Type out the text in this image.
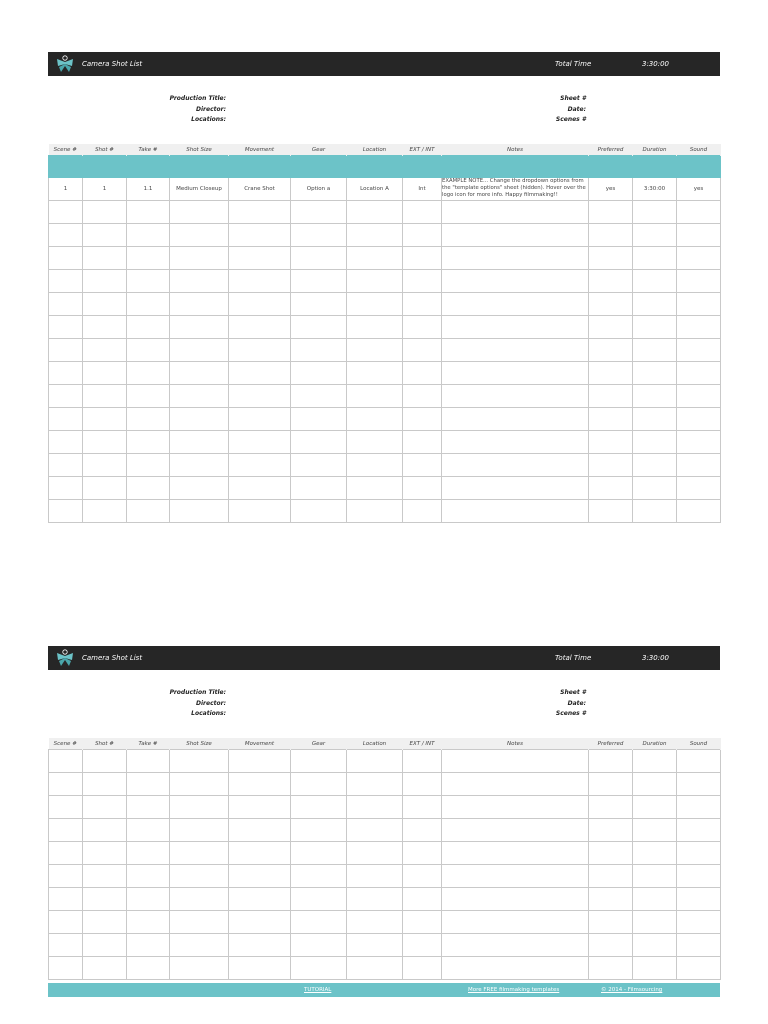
Camera Shot List	Total Time	3:30:00
Production Title:
Director:
Locations:
Sheet #
Date:
Scenes #
Scene #	Shot #	Take #	Shot Size	Movement	Gear	Location	EXT / INT	Notes	Preferred	Duration	Sound

1	1	1.1	Medium Closeup	Crane Shot	Option a	Location A	Int	EXAMPLE NOTE... Change the dropdown options from the "template options" sheet (hidden). Hover over the logo icon for more info. Happy filmmaking!!	yes	3:30:00	yes

Camera Shot List	Total Time	3:30:00
Production Title:
Director:
Locations:
Sheet #
Date:
Scenes #
Scene #	Shot #	Take #	Shot Size	Movement	Gear	Location	EXT / INT	Notes	Preferred	Duration	Sound

TUTORIAL	More FREE filmmaking templates	© 2014 - Filmsourcing
